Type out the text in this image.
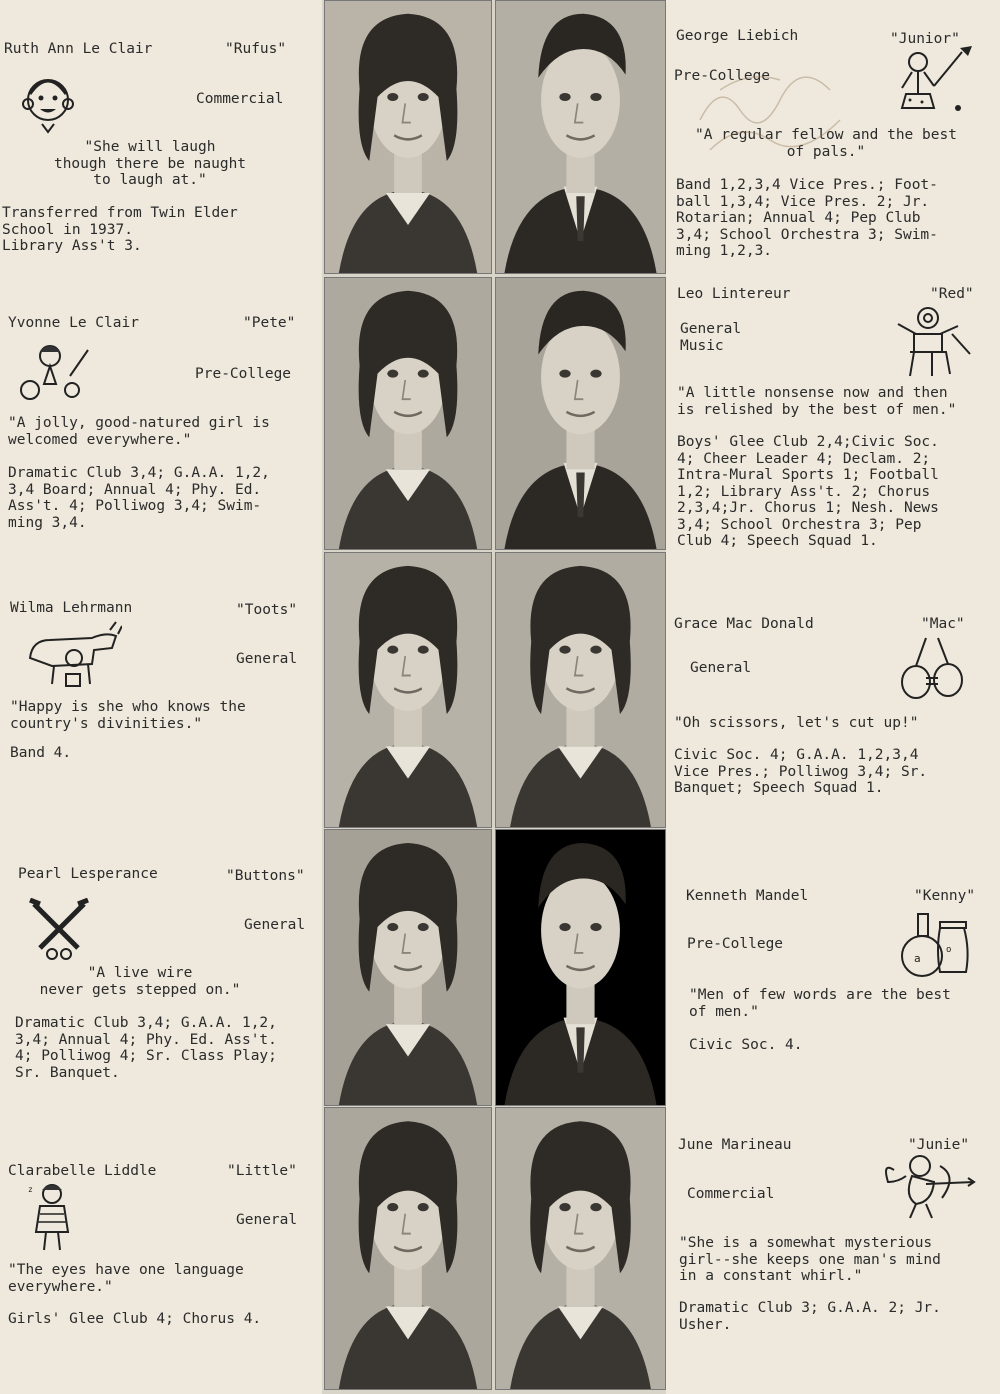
Ruth Ann Le Clair	"Rufus"
Commercial
"She will laugh
though there be naught
to laugh at."
Transferred from Twin Elder
School in 1937.
Library Ass't 3.
Yvonne Le Clair	"Pete"
Pre-College
"A jolly, good-natured girl is
welcomed everywhere."
Dramatic Club 3,4; G.A.A. 1,2,
3,4 Board; Annual 4; Phy. Ed.
Ass't. 4; Polliwog 3,4; Swim-
ming 3,4.
Wilma Lehrmann	"Toots"
General
"Happy is she who knows the
country's divinities."
Band 4.
Pearl Lesperance	"Buttons"
General
"A live wire
never gets stepped on."
Dramatic Club 3,4; G.A.A. 1,2,
3,4; Annual 4; Phy. Ed. Ass't.
4; Polliwog 4; Sr. Class Play;
Sr. Banquet.
Clarabelle Liddle	"Little"
z
General
"The eyes have one language
everywhere."
Girls' Glee Club 4; Chorus 4.
George Liebich	"Junior"
Pre-College
"A regular fellow and the best
of pals."
Band 1,2,3,4 Vice Pres.; Foot-
ball 1,3,4; Vice Pres. 2; Jr.
Rotarian; Annual 4; Pep Club
3,4; School Orchestra 3; Swim-
ming 1,2,3.
Leo Lintereur	"Red"
General
Music
"A little nonsense now and then
is relished by the best of men."
Boys' Glee Club 2,4;Civic Soc.
4; Cheer Leader 4; Declam. 2;
Intra-Mural Sports 1; Football
1,2; Library Ass't. 2; Chorus
2,3,4;Jr. Chorus 1; Nesh. News
3,4; School Orchestra 3; Pep
Club 4; Speech Squad 1.
Grace Mac Donald	"Mac"
General
"Oh scissors, let's cut up!"
Civic Soc. 4; G.A.A. 1,2,3,4
Vice Pres.; Polliwog 3,4; Sr.
Banquet; Speech Squad 1.
Kenneth Mandel	"Kenny"
a
o
Pre-College
"Men of few words are the best
of men."
Civic Soc. 4.
June Marineau	"Junie"
Commercial
"She is a somewhat mysterious
girl--she keeps one man's mind
in a constant whirl."
Dramatic Club 3; G.A.A. 2; Jr.
Usher.
